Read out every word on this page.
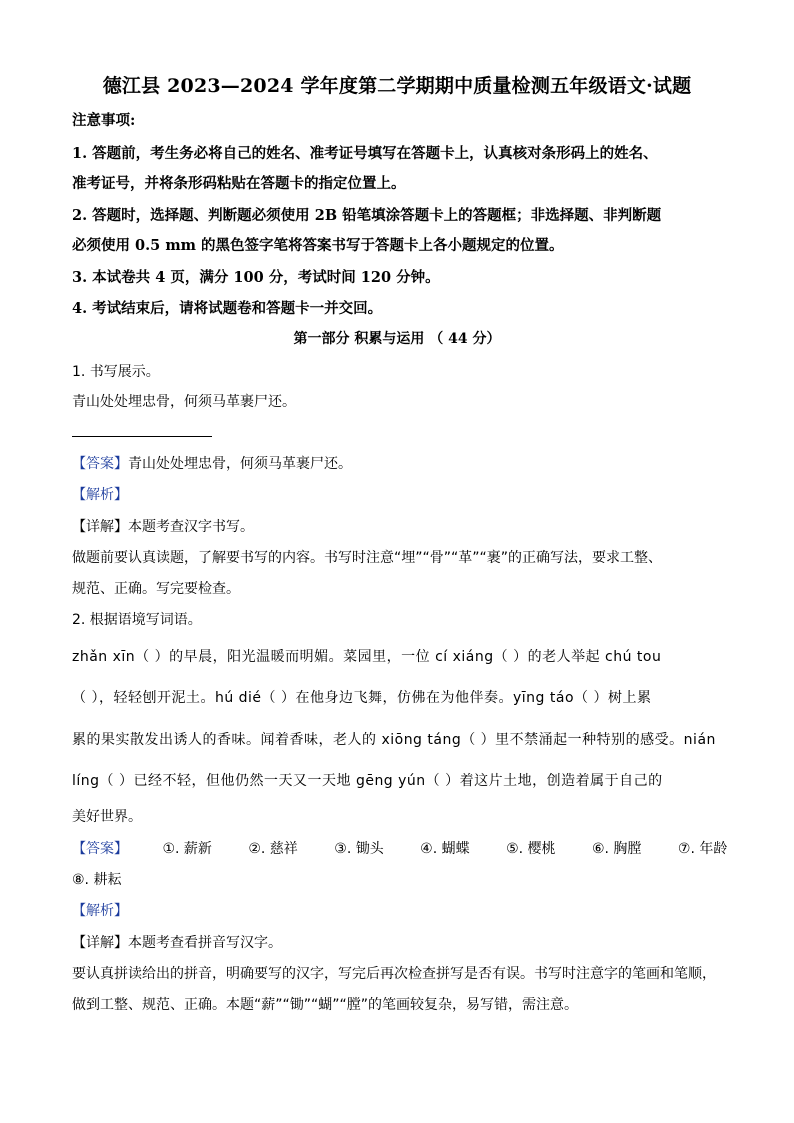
德江县 2023—2024 学年度第二学期期中质量检测五年级语文·试题
注意事项:
1. 答题前，考生务必将自己的姓名、准考证号填写在答题卡上，认真核对条形码上的姓名、
准考证号，并将条形码粘贴在答题卡的指定位置上。
2. 答题时，选择题、判断题必须使用 2B 铅笔填涂答题卡上的答题框；非选择题、非判断题
必须使用 0.5 mm 的黑色签字笔将答案书写于答题卡上各小题规定的位置。
3. 本试卷共 4 页，满分 100 分，考试时间 120 分钟。
4. 考试结束后，请将试题卷和答题卡一并交回。
第一部分 积累与运用 （ 44 分）
1. 书写展示。
青山处处埋忠骨，何须马革裹尸还。
【答案】青山处处埋忠骨，何须马革裹尸还。
【解析】
【详解】本题考查汉字书写。
做题前要认真读题，了解要书写的内容。书写时注意“埋”“骨”“革”“裹”的正确写法，要求工整、
规范、正确。写完要检查。
2. 根据语境写词语。
zhǎn xīn（ ）的早晨，阳光温暖而明媚。菜园里，一位 cí xiáng（ ）的老人举起 chú tou
（ ），轻轻刨开泥土。hú dié（ ）在他身边飞舞，仿佛在为他伴奏。yīng táo（ ）树上累
累的果实散发出诱人的香味。闻着香味，老人的 xiōng táng（ ）里不禁涌起一种特别的感受。nián
líng（ ）已经不轻，但他仍然一天又一天地 gēng yún（ ）着这片土地，创造着属于自己的
美好世界。
【答案】 ①. 薪新	②. 慈祥	③. 锄头	④. 蝴蝶	⑤. 樱桃	⑥. 胸膛	⑦. 年龄
⑧. 耕耘
【解析】
【详解】本题考查看拼音写汉字。
要认真拼读给出的拼音，明确要写的汉字，写完后再次检查拼写是否有误。书写时注意字的笔画和笔顺，
做到工整、规范、正确。本题“薪”“锄”“蝴”“膛”的笔画较复杂，易写错，需注意。
